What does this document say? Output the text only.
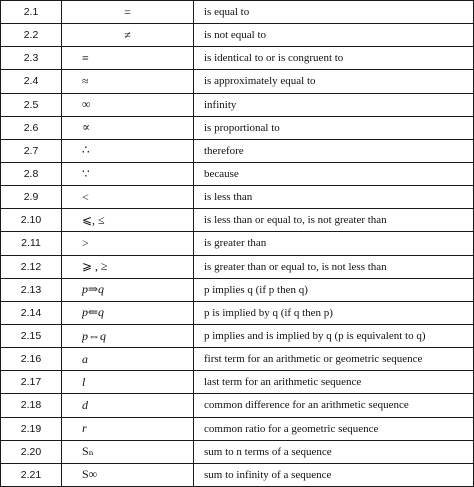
2.1	=	is equal to
2.2	≠	is not equal to
2.3	≡	is identical to or is congruent to
2.4	≈	is approximately equal to
2.5	∞	infinity
2.6	∝	is proportional to
2.7	∴	therefore
2.8	∵	because
2.9	<	is less than
2.10	⩽, ≤	is less than or equal to, is not greater than
2.11	>	is greater than
2.12	⩾ , ≥	is greater than or equal to, is not less than
2.13	p⇒q	p implies q (if p then q)
2.14	p⇐q	p is implied by q (if q then p)
2.15	p⇔q	p implies and is implied by q (p is equivalent to q)
2.16	a	first term for an arithmetic or geometric sequence
2.17	l	last term for an arithmetic sequence
2.18	d	common difference for an arithmetic sequence
2.19	r	common ratio for a geometric sequence
2.20	Sₙ	sum to n terms of a sequence
2.21	S∞	sum to infinity of a sequence
